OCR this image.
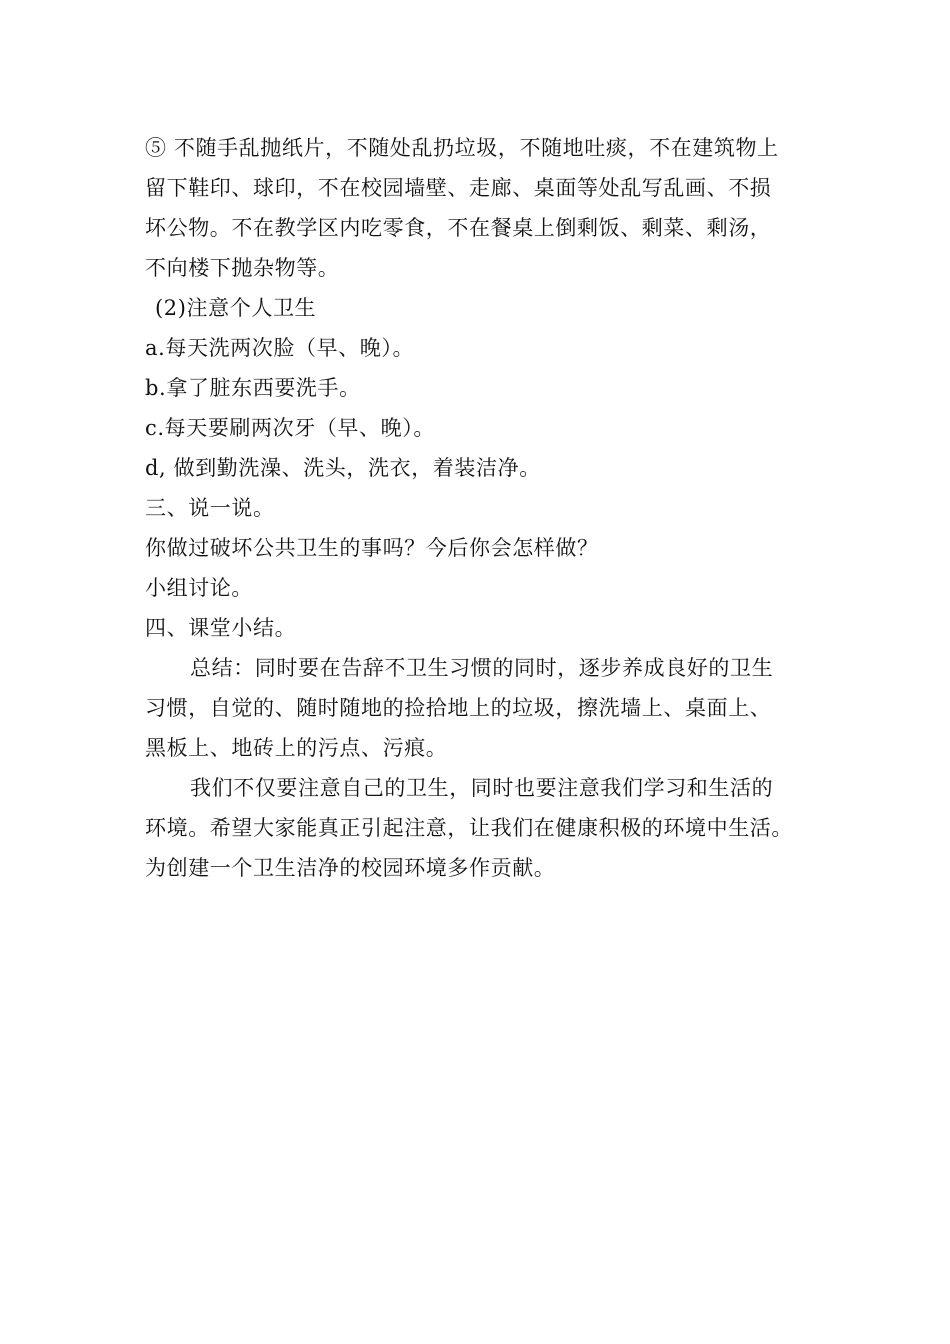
⑤ 不随手乱抛纸片，不随处乱扔垃圾，不随地吐痰，不在建筑物上
留下鞋印、球印，不在校园墙壁、走廊、桌面等处乱写乱画、不损
坏公物。不在教学区内吃零食，不在餐桌上倒剩饭、剩菜、剩汤，
不向楼下抛杂物等。
(2)注意个人卫生
a.每天洗两次脸（早、晚）。
b.拿了脏东西要洗手。
c.每天要刷两次牙（早、晚）。
d, 做到勤洗澡、洗头，洗衣，着装洁净。
三、说一说。
你做过破坏公共卫生的事吗？今后你会怎样做？
小组讨论。
四、课堂小结。
总结：同时要在告辞不卫生习惯的同时，逐步养成良好的卫生
习惯，自觉的、随时随地的捡拾地上的垃圾，擦洗墙上、桌面上、
黑板上、地砖上的污点、污痕。
我们不仅要注意自己的卫生，同时也要注意我们学习和生活的
环境。希望大家能真正引起注意，让我们在健康积极的环境中生活。
为创建一个卫生洁净的校园环境多作贡献。
